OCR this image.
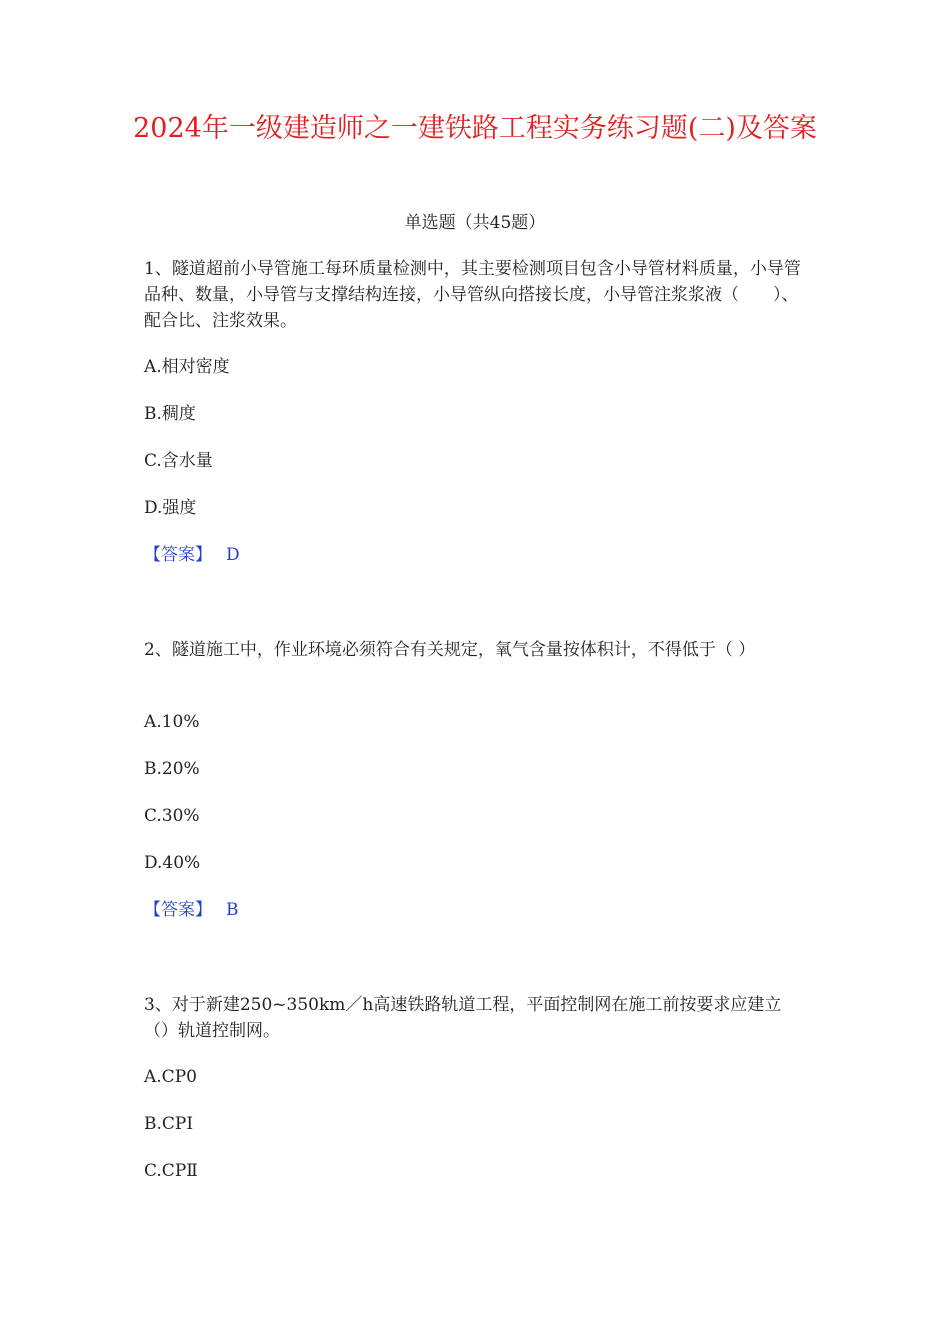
2024年一级建造师之一建铁路工程实务练习题(二)及答案
单选题（共45题）

1、隧道超前小导管施工每环质量检测中，其主要检测项目包含小导管材料质量，小导管品种、数量，小导管与支撑结构连接，小导管纵向搭接长度，小导管注浆浆液（　　）、配合比、注浆效果。

A.相对密度
B.稠度
C.含水量
D.强度
【答案】 D

2、隧道施工中，作业环境必须符合有关规定，氧气含量按体积计，不得低于（ ）

A.10%
B.20%
C.30%
D.40%
【答案】 B

3、对于新建250~350km／h高速铁路轨道工程，平面控制网在施工前按要求应建立（）轨道控制网。

A.CP0
B.CPⅠ
C.CPⅡ
